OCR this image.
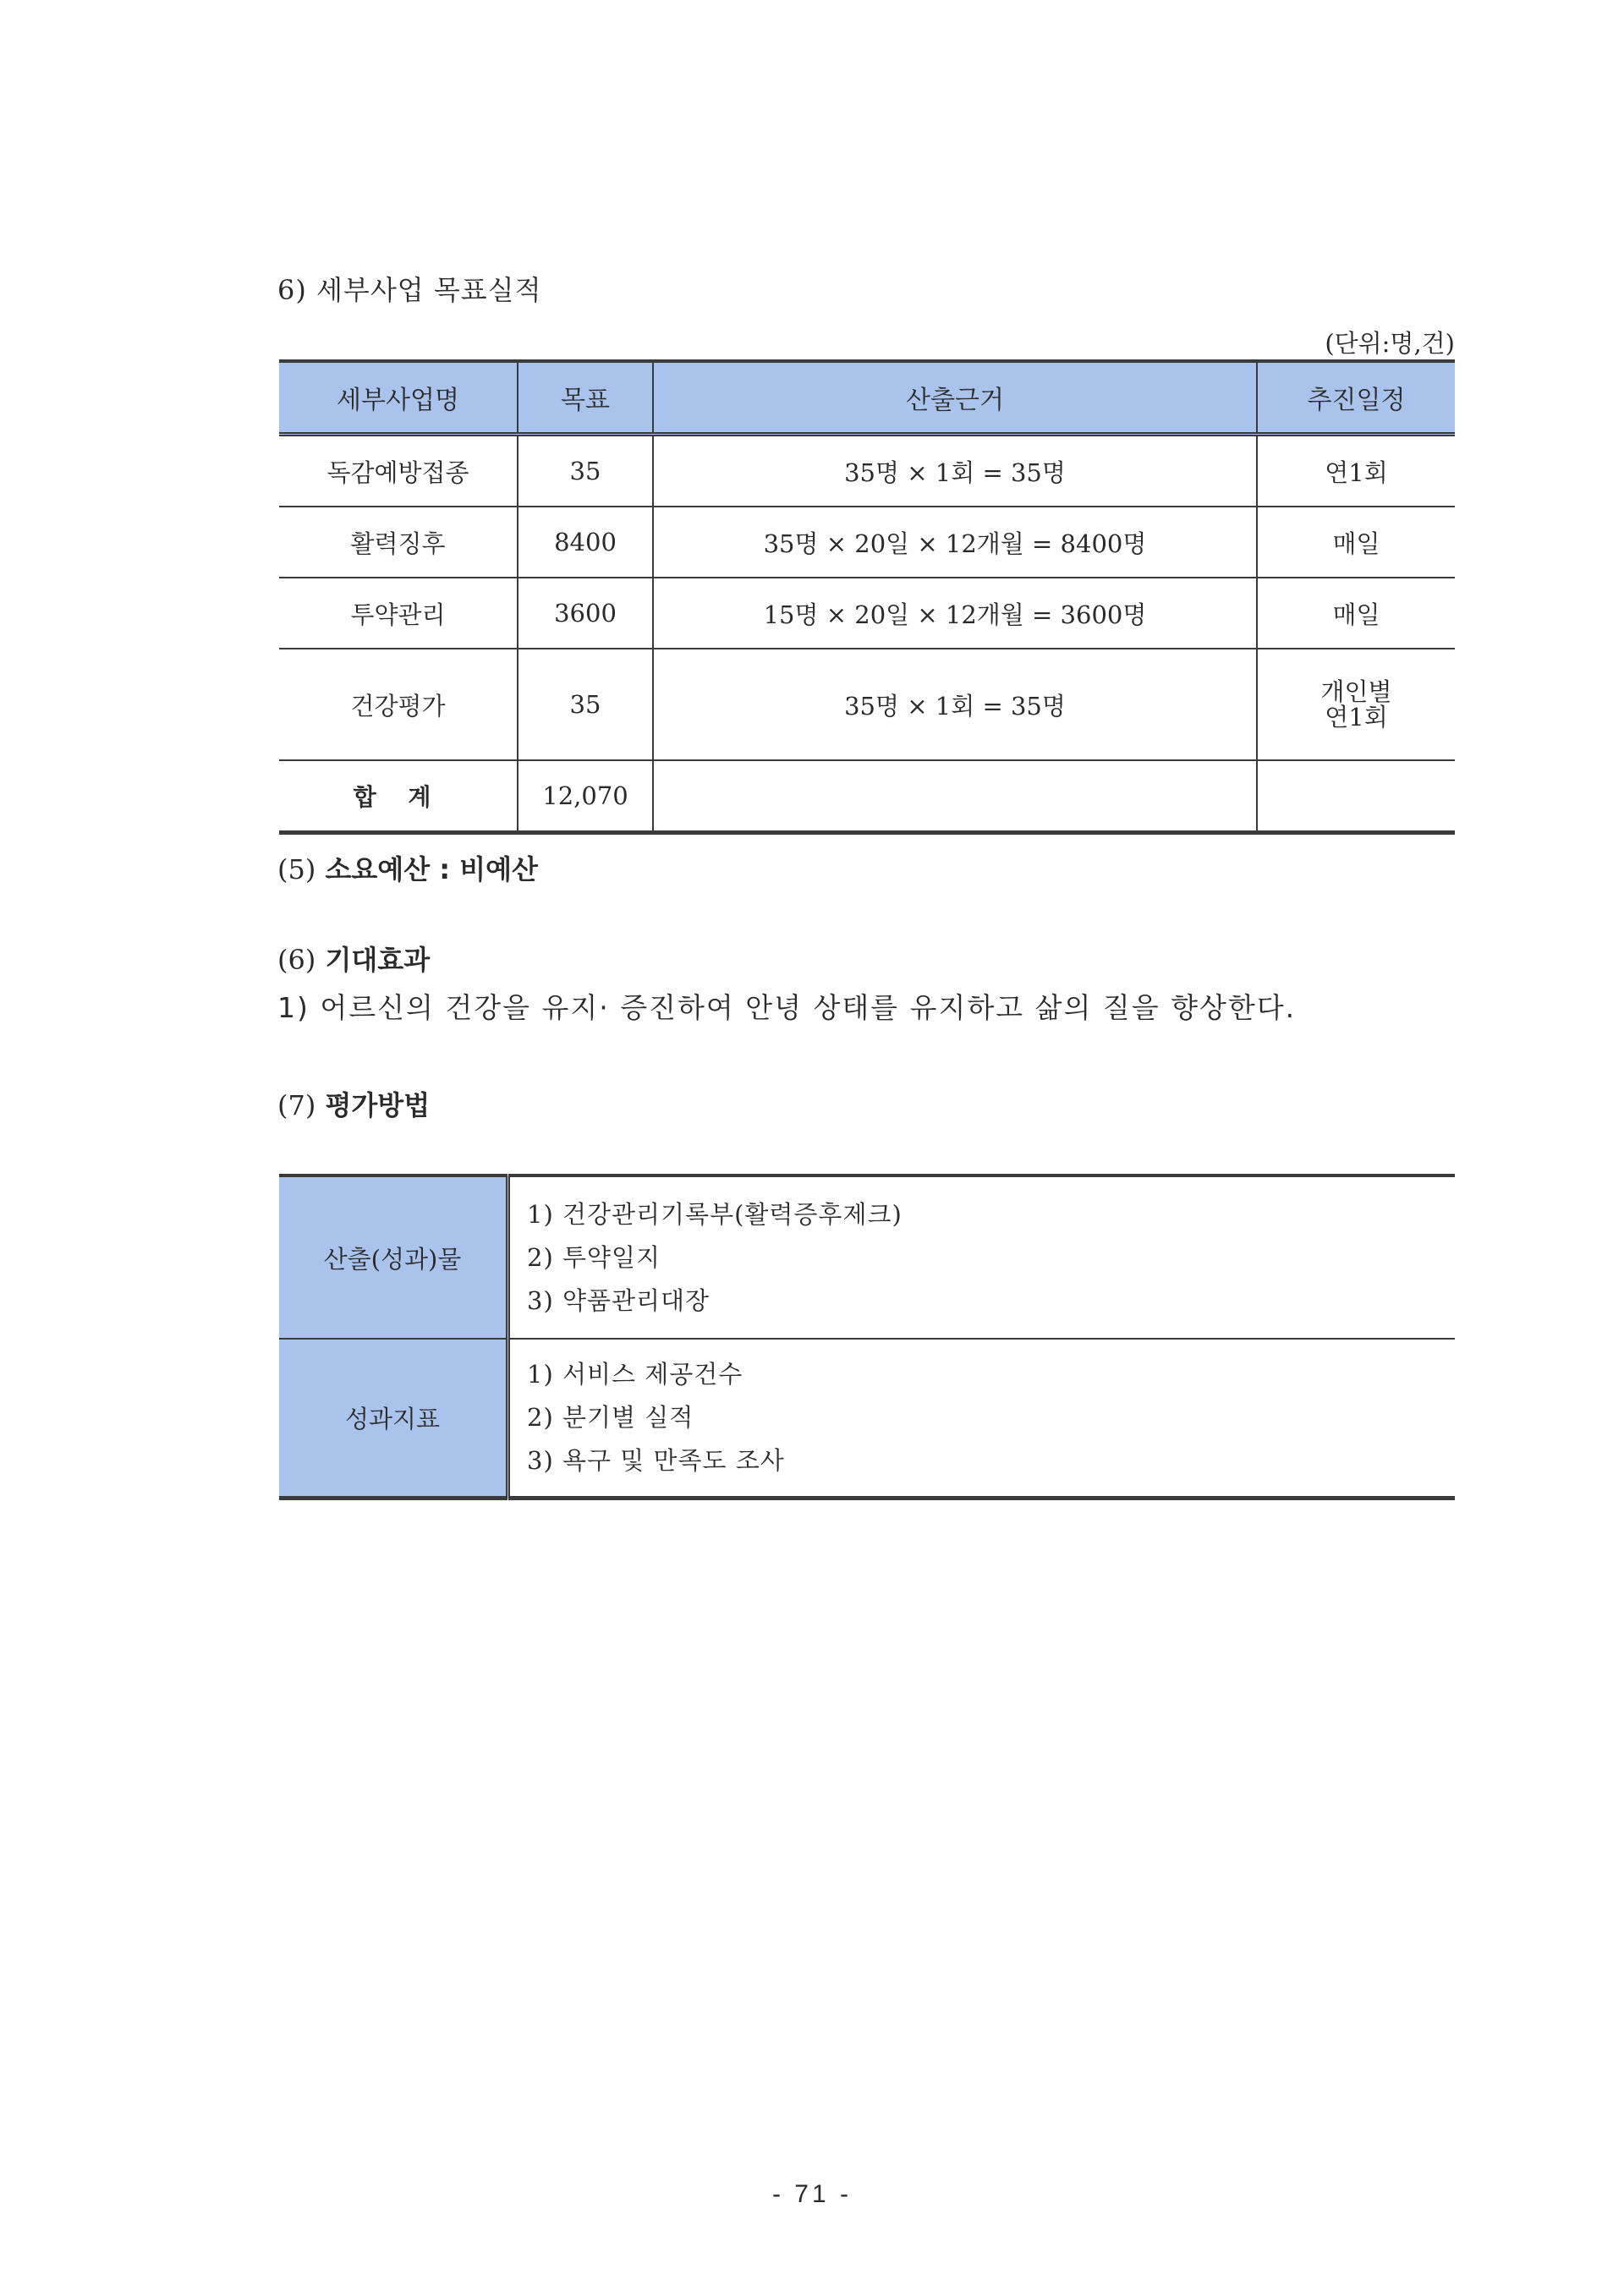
6) 세부사업 목표실적
(단위:명,건)
세부사업명	목표	산출근거	추진일정
독감예방접종	35	35명 × 1회 = 35명	연1회
활력징후	8400	35명 × 20일 × 12개월 = 8400명	매일
투약관리	3600	15명 × 20일 × 12개월 = 3600명	매일
건강평가	35	35명 × 1회 = 35명	개인별
연1회

합 계	12,070		
(5) 소요예산 : 비예산
(6) 기대효과
1) 어르신의 건강을 유지· 증진하여 안녕 상태를 유지하고 삶의 질을 향상한다.
(7) 평가방법
산출(성과)물	
1) 건강관리기록부(활력증후제크)
2) 투약일지
3) 약품관리대장

성과지표	
1) 서비스 제공건수
2) 분기별 실적
3) 욕구 및 만족도 조사
- 71 -
